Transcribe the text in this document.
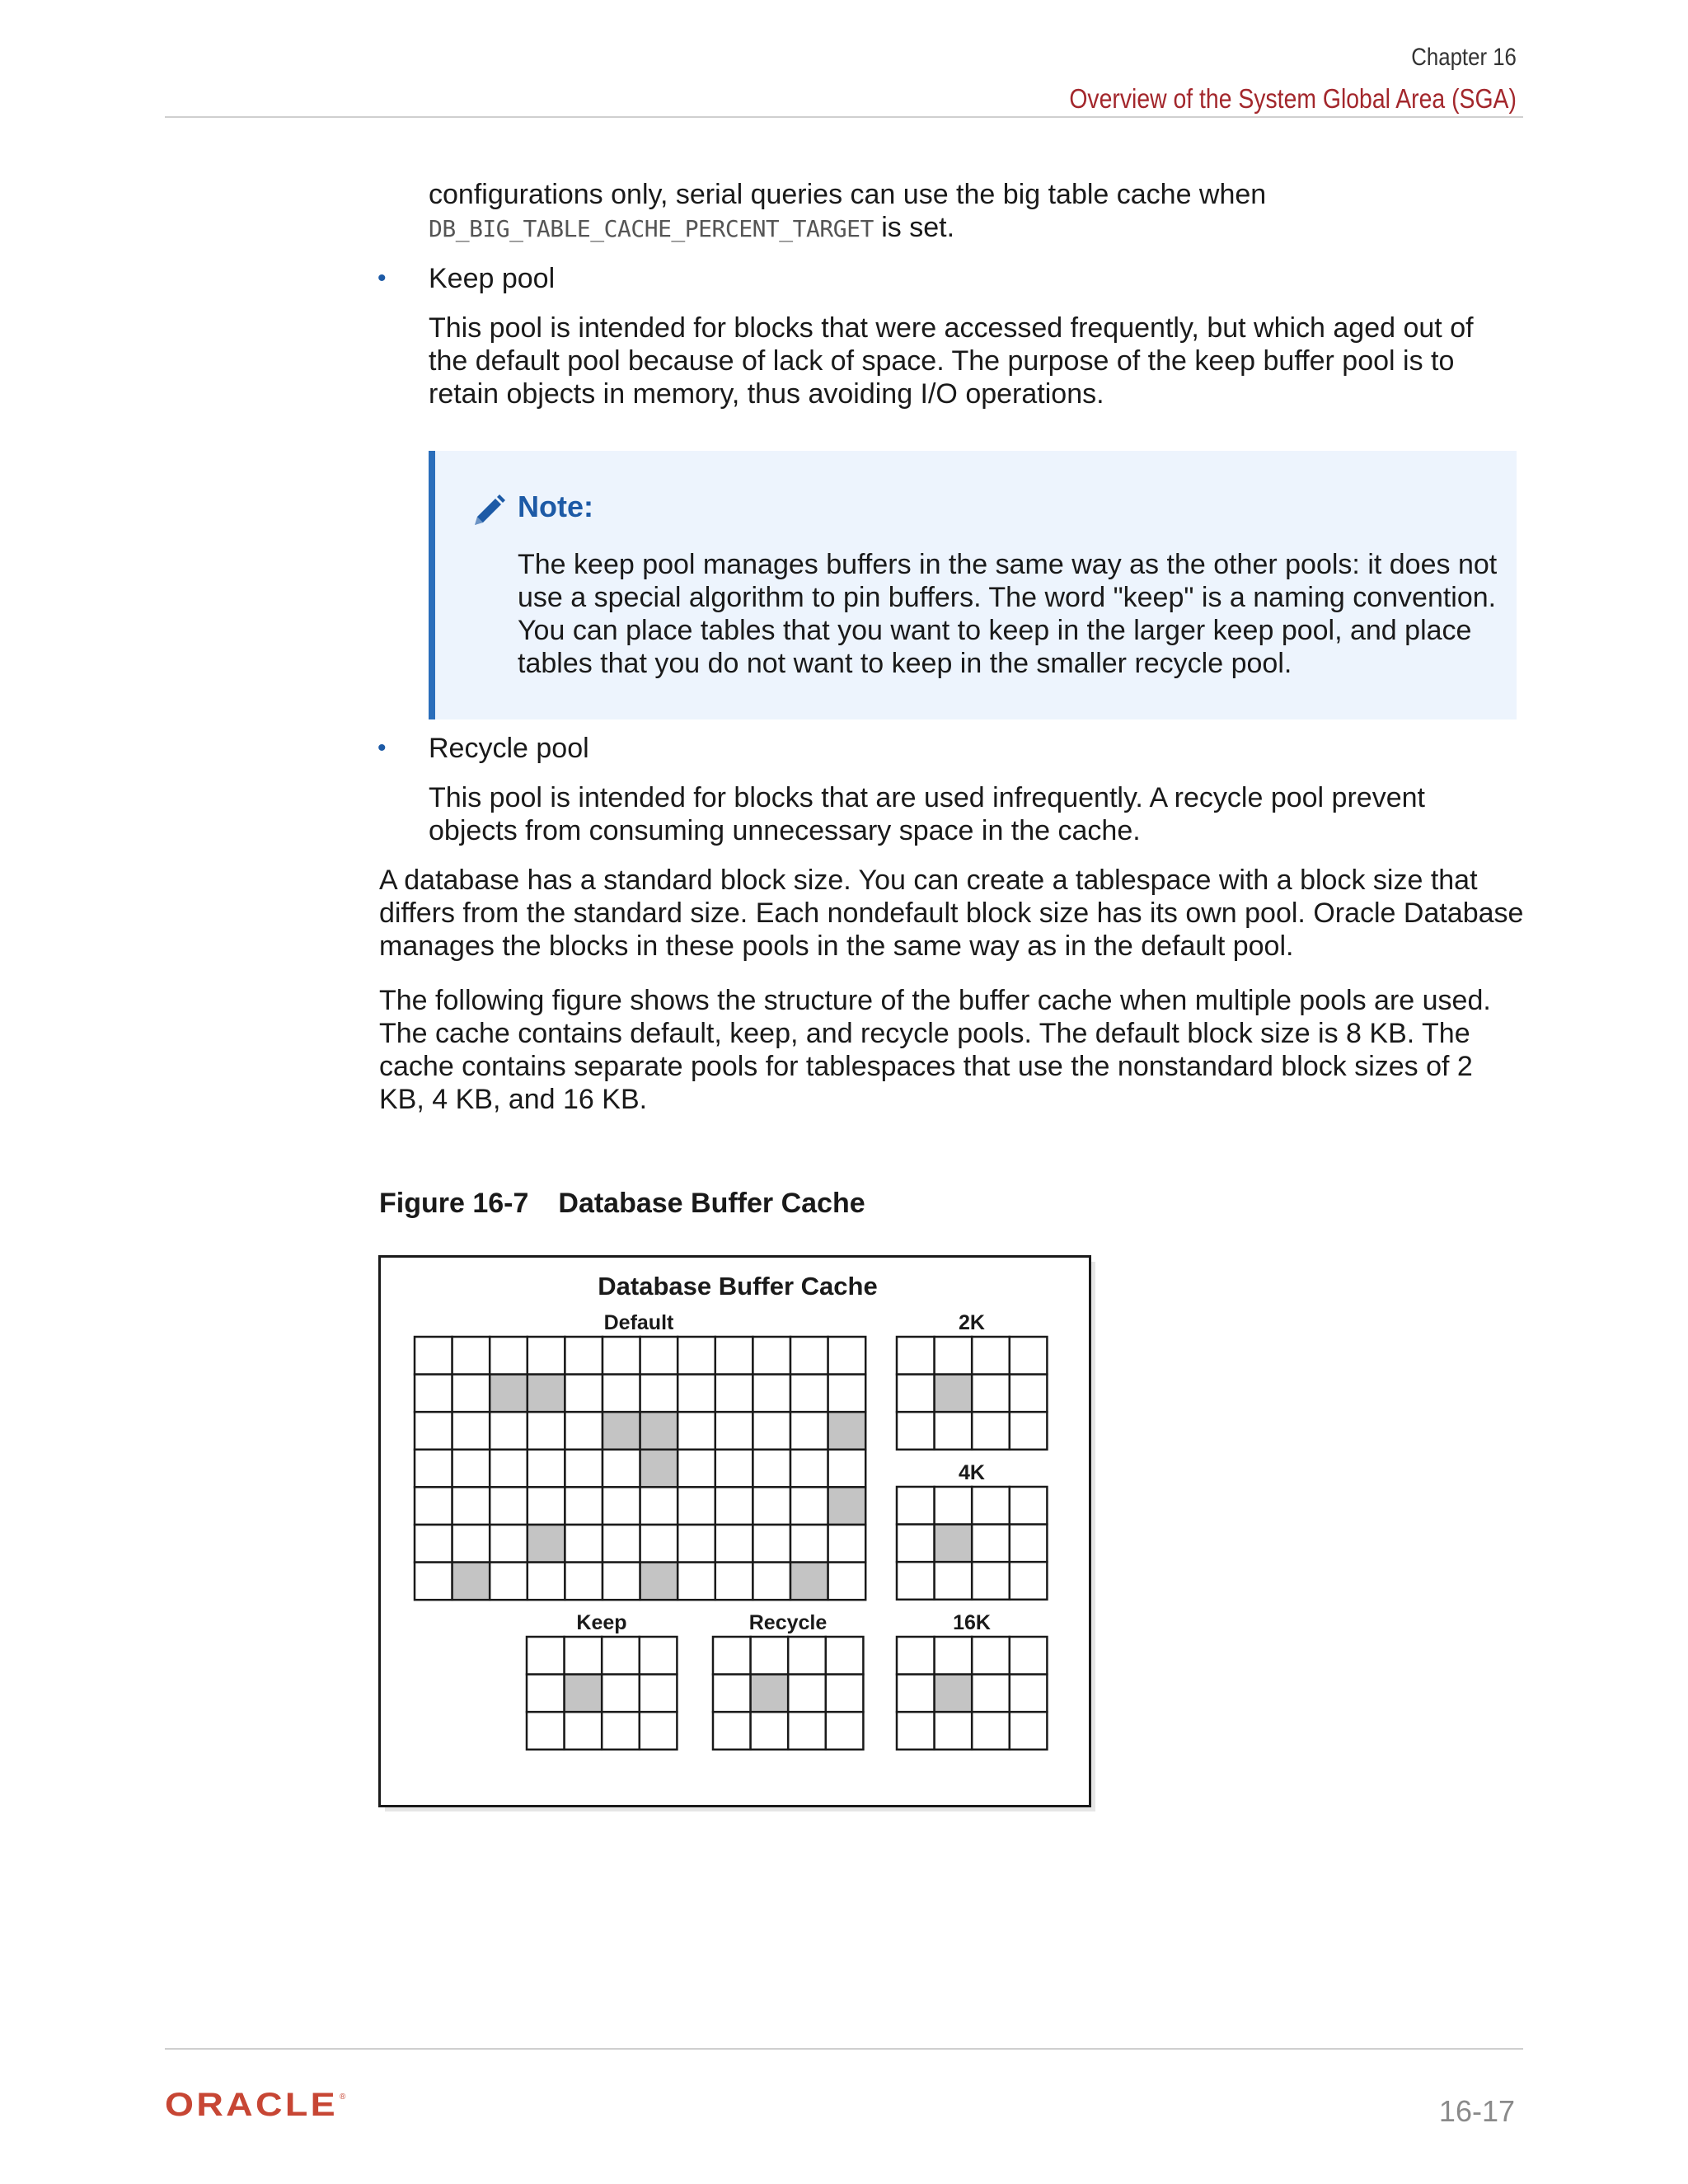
Chapter 16
Overview of the System Global Area (SGA)
configurations only, serial queries can use the big table cache when
DB_BIG_TABLE_CACHE_PERCENT_TARGET is set.
• Keep pool
This pool is intended for blocks that were accessed frequently, but which aged out of the default pool because of lack of space. The purpose of the keep buffer pool is to retain objects in memory, thus avoiding I/O operations.
Note:
The keep pool manages buffers in the same way as the other pools: it does not use a special algorithm to pin buffers. The word "keep" is a naming convention. You can place tables that you want to keep in the larger keep pool, and place tables that you do not want to keep in the smaller recycle pool.
• Recycle pool
This pool is intended for blocks that are used infrequently. A recycle pool prevent objects from consuming unnecessary space in the cache.
A database has a standard block size. You can create a tablespace with a block size that differs from the standard size. Each nondefault block size has its own pool. Oracle Database manages the blocks in these pools in the same way as in the default pool.
The following figure shows the structure of the buffer cache when multiple pools are used. The cache contains default, keep, and recycle pools. The default block size is 8 KB. The cache contains separate pools for tablespaces that use the nonstandard block sizes of 2 KB, 4 KB, and 16 KB.
Figure 16-7 Database Buffer Cache
Database Buffer Cache
Default	2K
4K
Keep	Recycle	16K
ORACLE ®	16-17
